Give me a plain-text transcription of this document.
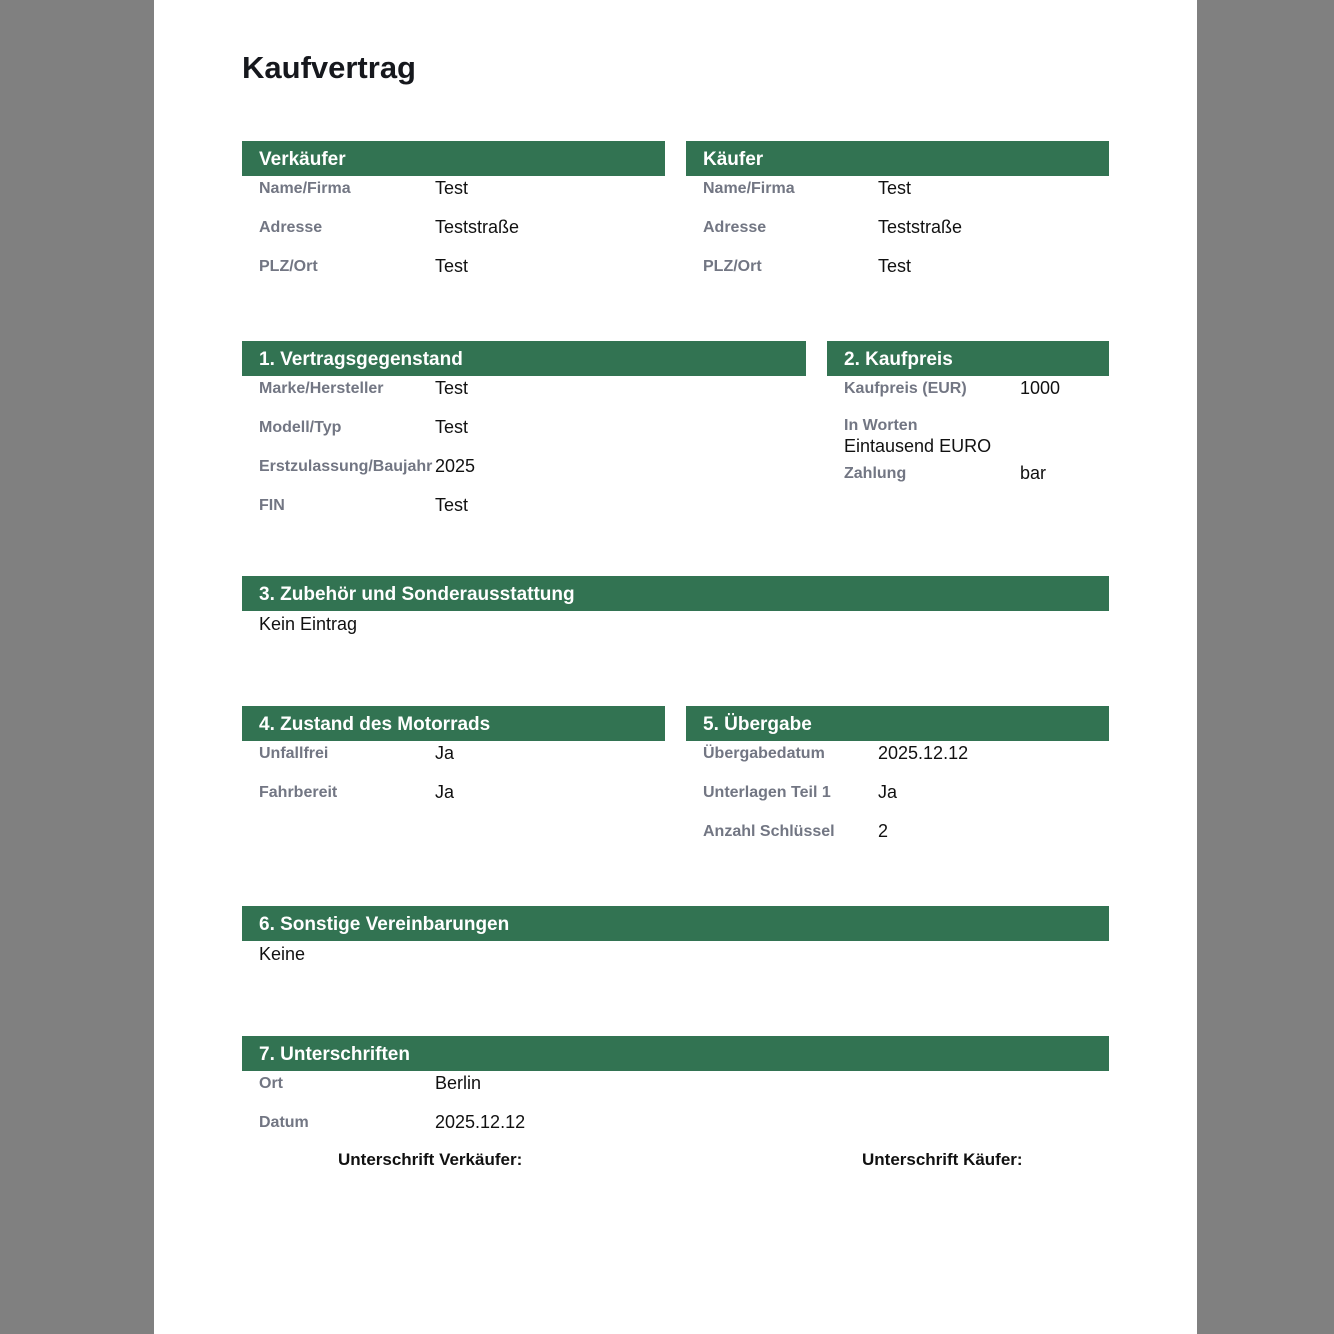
Kaufvertrag
Verkäufer
Name/Firma	Test
Adresse	Teststraße
PLZ/Ort	Test
Käufer
Name/Firma	Test
Adresse	Teststraße
PLZ/Ort	Test
1. Vertragsgegenstand
Marke/Hersteller	Test
Modell/Typ	Test
Erstzulassung/Baujahr 2025
FIN	Test
2. Kaufpreis
Kaufpreis (EUR)	1000
In Worten
Eintausend EURO
Zahlung	bar
3. Zubehör und Sonderausstattung
Kein Eintrag
4. Zustand des Motorrads
Unfallfrei	Ja
Fahrbereit	Ja
5. Übergabe
Übergabedatum	2025.12.12
Unterlagen Teil 1	Ja
Anzahl Schlüssel 2
6. Sonstige Vereinbarungen
Keine
7. Unterschriften
Ort	Berlin
Datum	2025.12.12
Unterschrift Verkäufer:	Unterschrift Käufer:
